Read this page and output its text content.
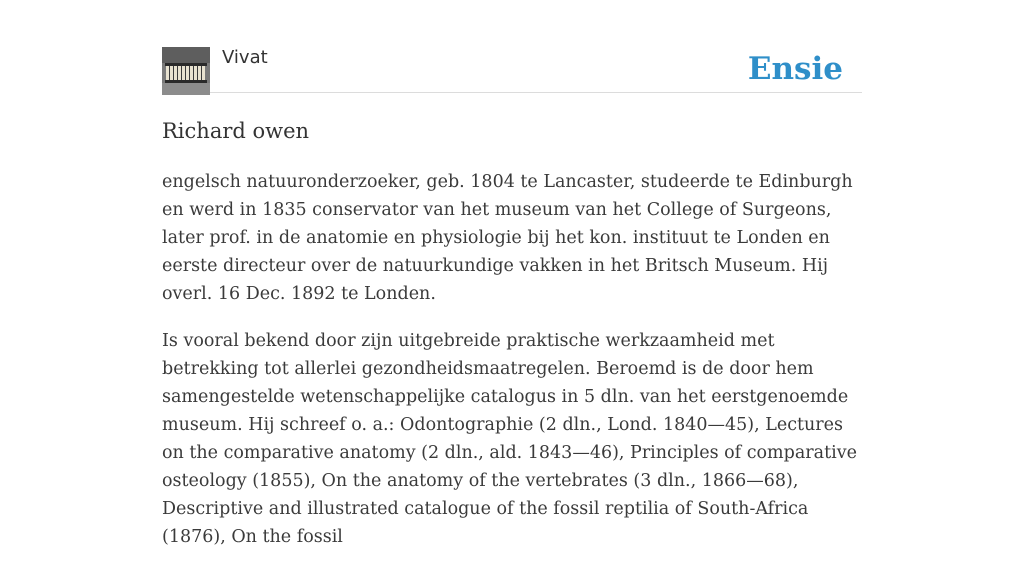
Vivat	Ensie
Richard owen

engelsch natuuronderzoeker, geb. 1804 te Lancaster, studeerde te Edinburgh en werd in 1835 conservator van het museum van het College of Surgeons, later prof. in de anatomie en physiologie bij het kon. instituut te Londen en eerste directeur over de natuurkundige vakken in het Britsch Museum. Hij overl. 16 Dec. 1892 te Londen.

Is vooral bekend door zijn uitgebreide praktische werkzaamheid met betrekking tot allerlei gezondheidsmaatregelen. Beroemd is de door hem samengestelde wetenschappelijke catalogus in 5 dln. van het eerstgenoemde museum. Hij schreef o. a.: Odontographie (2 dln., Lond. 1840—45), Lectures on the comparative anatomy (2 dln., ald. 1843—46), Principles of comparative osteology (1855), On the anatomy of the vertebrates (3 dln., 1866—68), Descriptive and illustrated catalogue of the fossil reptilia of South-Africa (1876), On the fossil
